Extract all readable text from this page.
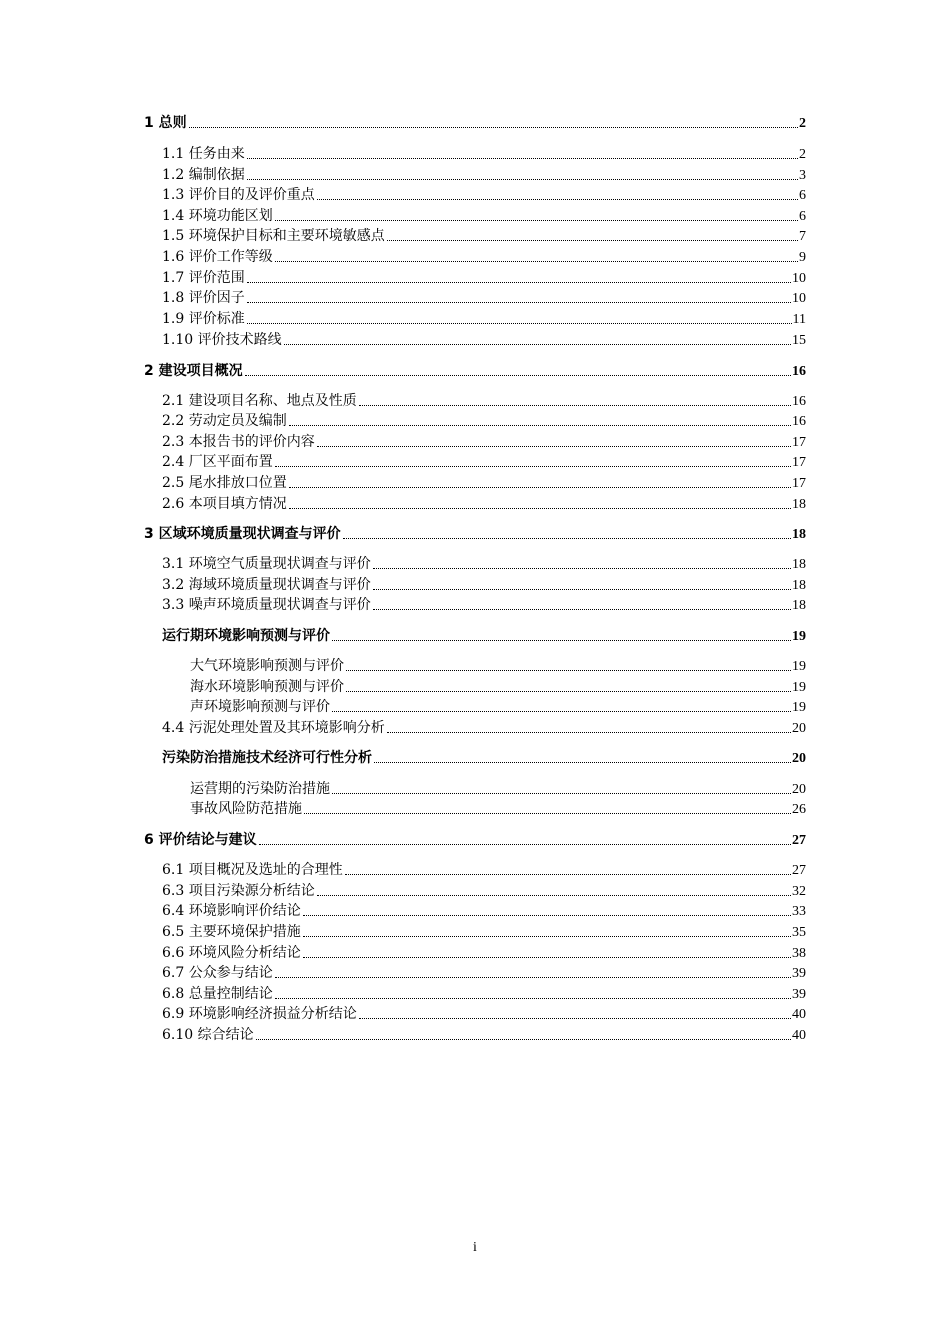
1 总则	2
1.1 任务由来	2
1.2 编制依据	3
1.3 评价目的及评价重点	6
1.4 环境功能区划	6
1.5 环境保护目标和主要环境敏感点	7
1.6 评价工作等级	9
1.7 评价范围	10
1.8 评价因子	10
1.9 评价标准	11
1.10 评价技术路线	15
2 建设项目概况	16
2.1 建设项目名称、地点及性质	16
2.2 劳动定员及编制	16
2.3 本报告书的评价内容	17
2.4 厂区平面布置	17
2.5 尾水排放口位置	17
2.6 本项目填方情况	18
3 区域环境质量现状调查与评价	18
3.1 环境空气质量现状调查与评价	18
3.2 海域环境质量现状调查与评价	18
3.3 噪声环境质量现状调查与评价	18
运行期环境影响预测与评价	19
大气环境影响预测与评价	19
海水环境影响预测与评价	19
声环境影响预测与评价	19
4.4 污泥处理处置及其环境影响分析	20
污染防治措施技术经济可行性分析	20
运营期的污染防治措施	20
事故风险防范措施	26
6 评价结论与建议	27
6.1 项目概况及选址的合理性	27
6.3 项目污染源分析结论	32
6.4 环境影响评价结论	33
6.5 主要环境保护措施	35
6.6 环境风险分析结论	38
6.7 公众参与结论	39
6.8 总量控制结论	39
6.9 环境影响经济损益分析结论	40
6.10 综合结论	40
i
